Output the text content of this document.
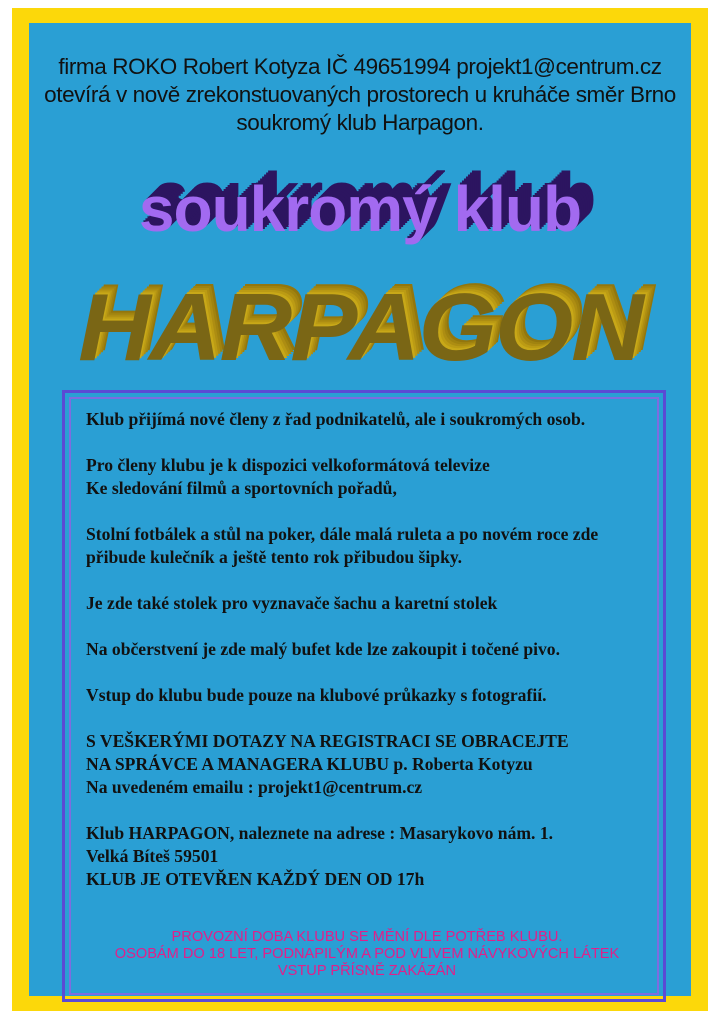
firma ROKO Robert Kotyza IČ 49651994 projekt1@centrum.cz
otevírá v nově zrekonstuovaných prostorech u kruháče směr Brno
soukromý klub Harpagon.
soukromý klub
HARPAGON

Klub přijímá nové členy z řad podnikatelů, ale i soukromých osob.

Pro členy klubu je k dispozici velkoformátová televize

Ke sledování filmů a sportovních pořadů,

Stolní fotbálek a stůl na poker, dále malá ruleta a po novém roce zde

přibude kulečník a ještě tento rok přibudou šipky.

Je zde také stolek pro vyznavače šachu a karetní stolek

Na občerstvení je zde malý bufet kde lze zakoupit i točené pivo.

Vstup do klubu bude pouze na klubové průkazky s fotografií.

S VEŠKERÝMI DOTAZY NA REGISTRACI SE OBRACEJTE

NA SPRÁVCE A MANAGERA KLUBU p. Roberta Kotyzu

Na uvedeném emailu : projekt1@centrum.cz

Klub HARPAGON, naleznete na adrese : Masarykovo nám. 1.

Velká Bíteš 59501

KLUB JE OTEVŘEN KAŽDÝ DEN OD 17h

PROVOZNÍ DOBA KLUBU SE MĚNÍ DLE POTŘEB KLUBU.
OSOBÁM DO 18 LET, PODNAPILÝM A POD VLIVEM NÁVYKOVÝCH LÁTEK
VSTUP PŘÍSNĚ ZAKÁZÁN
